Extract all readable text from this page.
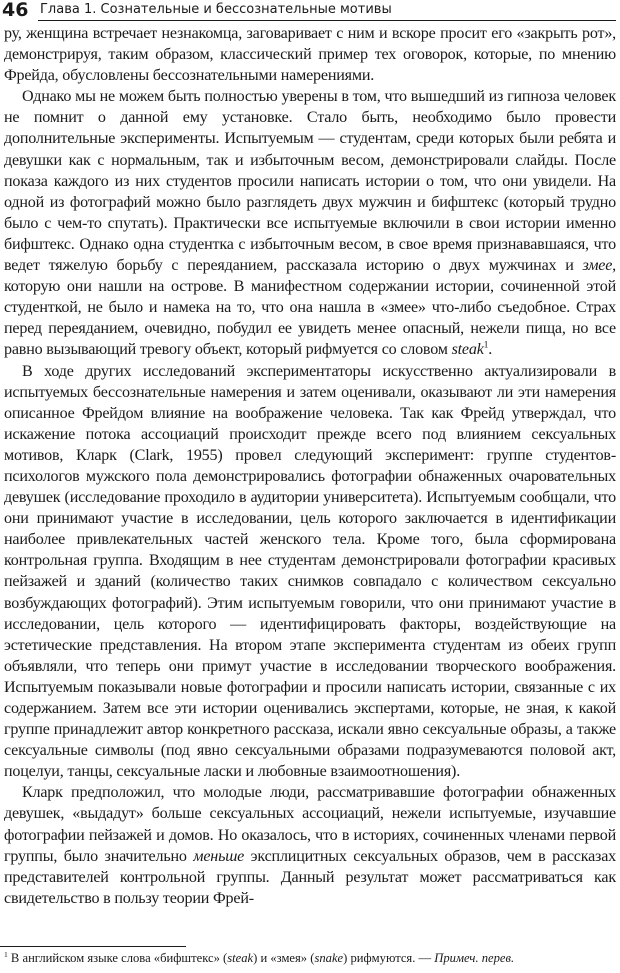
46 Глава 1. Сознательные и бессознательные мотивы

ру, женщина встречает незнакомца, заговаривает с ним и вскоре просит его «закрыть рот», демонстрируя, таким образом, классический пример тех оговорок, которые, по мнению Фрейда, обусловлены бессознательными намерениями.

Однако мы не можем быть полностью уверены в том, что вышедший из гипноза человек не помнит о данной ему установке. Стало быть, необходимо было провести дополнительные эксперименты. Испытуемым — студентам, среди которых были ребята и девушки как с нормальным, так и избыточным весом, демонстрировали слайды. После показа каждого из них студентов просили написать истории о том, что они увидели. На одной из фотографий можно было разглядеть двух мужчин и бифштекс (который трудно было с чем-то спутать). Практически все испытуемые включили в свои истории именно бифштекс. Однако одна студентка с избыточным весом, в свое время признававшаяся, что ведет тяжелую борьбу с переяданием, рассказала историю о двух мужчинах и змее, которую они нашли на острове. В манифестном содержании истории, сочиненной этой студенткой, не было и намека на то, что она нашла в «змее» что-либо съедобное. Страх перед переяданием, очевидно, побудил ее увидеть менее опасный, нежели пища, но все равно вызывающий тревогу объект, который рифмуется со словом steak$^1$.

В ходе других исследований экспериментаторы искусственно актуализировали в испытуемых бессознательные намерения и затем оценивали, оказывают ли эти намерения описанное Фрейдом влияние на воображение человека. Так как Фрейд утверждал, что искажение потока ассоциаций происходит прежде всего под влиянием сексуальных мотивов, Кларк (Clark, 1955) провел следующий эксперимент: группе студентов-психологов мужского пола демонстрировались фотографии обнаженных очаровательных девушек (исследование проходило в аудитории университета). Испытуемым сообщали, что они принимают участие в исследовании, цель которого заключается в идентификации наиболее привлекательных частей женского тела. Кроме того, была сформирована контрольная группа. Входящим в нее студентам демонстрировали фотографии красивых пейзажей и зданий (количество таких снимков совпадало с количеством сексуально возбуждающих фотографий). Этим испытуемым говорили, что они принимают участие в исследовании, цель которого — идентифицировать факторы, воздействующие на эстетические представления. На втором этапе эксперимента студентам из обеих групп объявляли, что теперь они примут участие в исследовании творческого воображения. Испытуемым показывали новые фотографии и просили написать истории, связанные с их содержанием. Затем все эти истории оценивались экспертами, которые, не зная, к какой группе принадлежит автор конкретного рассказа, искали явно сексуальные образы, а также сексуальные символы (под явно сексуальными образами подразумеваются половой акт, поцелуи, танцы, сексуальные ласки и любовные взаимоотношения).

Кларк предположил, что молодые люди, рассматривавшие фотографии обнаженных девушек, «выдадут» больше сексуальных ассоциаций, нежели испытуемые, изучавшие фотографии пейзажей и домов. Но оказалось, что в историях, сочиненных членами первой группы, было значительно меньше эксплицитных сексуальных образов, чем в рассказах представителей контрольной группы. Данный результат может рассматриваться как свидетельство в пользу теории Фрей-

$^1$ В английском языке слова «бифштекс» (steak) и «змея» (snake) рифмуются. — Примеч. перев.
